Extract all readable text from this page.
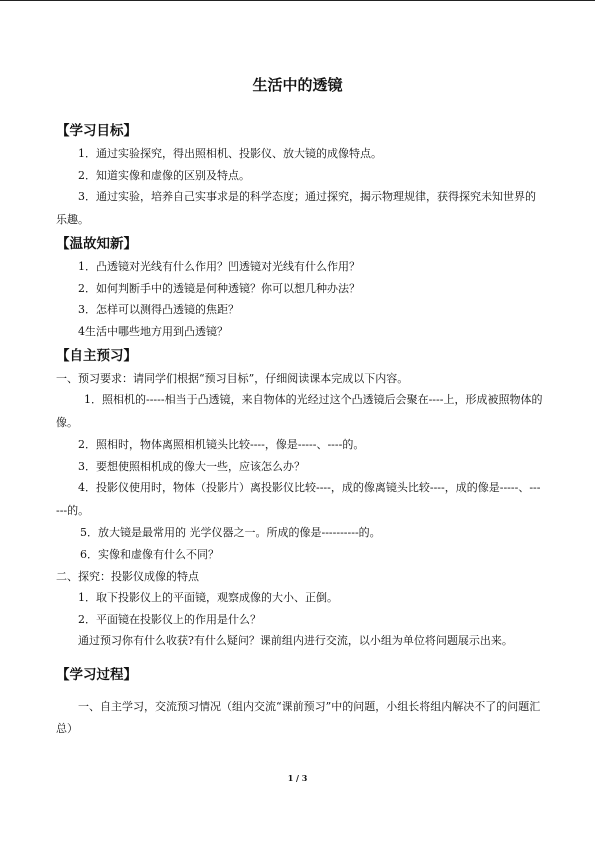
生活中的透镜
【学习目标】

1．通过实验探究，得出照相机、投影仪、放大镜的成像特点。

2．知道实像和虚像的区别及特点。

3．通过实验，培养自己实事求是的科学态度；通过探究，揭示物理规律，获得探究未知世界的乐趣。

【温故知新】

1．凸透镜对光线有什么作用？凹透镜对光线有什么作用？

2．如何判断手中的透镜是何种透镜？你可以想几种办法？

3．怎样可以测得凸透镜的焦距？

4生活中哪些地方用到凸透镜？

【自主预习】

一、预习要求：请同学们根据“预习目标”，仔细阅读课本完成以下内容。

1．照相机的-----相当于凸透镜，来自物体的光经过这个凸透镜后会聚在----上，形成被照物体的像。

2．照相时，物体离照相机镜头比较----，像是-----、----的。

3．要想使照相机成的像大一些，应该怎么办？

4．投影仪使用时，物体（投影片）离投影仪比较----，成的像离镜头比较----，成的像是-----、------的。

5．放大镜是最常用的 光学仪器之一。所成的像是----------的。

6．实像和虚像有什么不同？

二、探究：投影仪成像的特点

1．取下投影仪上的平面镜，观察成像的大小、正倒。

2．平面镜在投影仪上的作用是什么？

通过预习你有什么收获?有什么疑问？课前组内进行交流，以小组为单位将问题展示出来。

【学习过程】

一、自主学习，交流预习情况（组内交流“课前预习”中的问题，小组长将组内解决不了的问题汇总）

1 / 3
